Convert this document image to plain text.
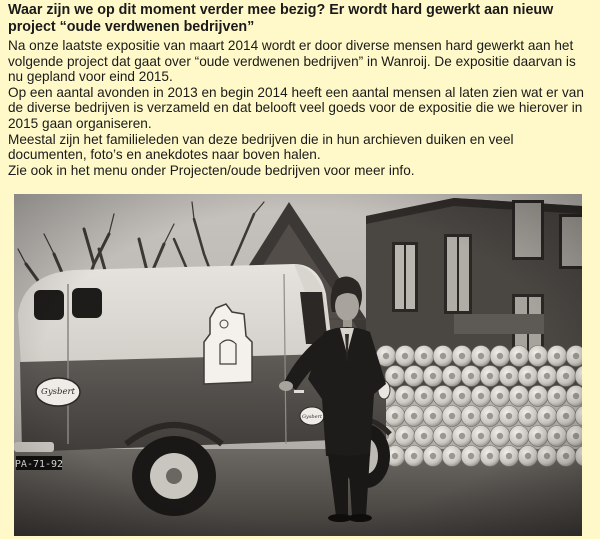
Waar zijn we op dit moment verder mee bezig? Er wordt hard gewerkt aan nieuw project “oude verdwenen bedrijven”

Na onze laatste expositie van maart 2014 wordt er door diverse mensen hard gewerkt aan het volgende project dat gaat over “oude verdwenen bedrijven” in Wanroij. De expositie daarvan is nu gepland voor eind 2015.

Op een aantal avonden in 2013 en begin 2014 heeft een aantal mensen al laten zien wat er van de diverse bedrijven is verzameld en dat belooft veel goeds voor de expositie die we hierover in 2015 gaan organiseren.

Meestal zijn het familieleden van deze bedrijven die in hun archieven duiken en veel documenten, foto’s en anekdotes naar boven halen.

Zie ook in het menu onder Projecten/oude bedrijven voor meer info.
